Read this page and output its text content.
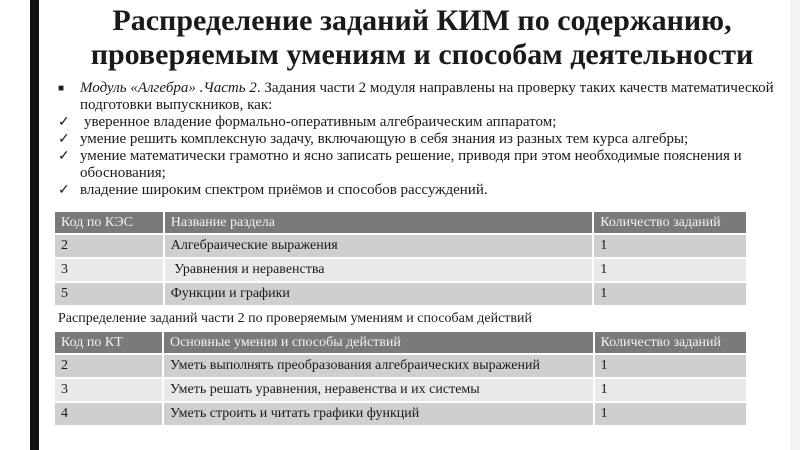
Распределение заданий КИМ по содержанию,
проверяемым умениям и способам деятельности
■	Модуль «Алгебра» .Часть 2. Задания части 2 модуля направлены на проверку таких качеств математической подготовки выпускников, как:
✓ уверенное владение формально-оперативным алгебраическим аппаратом;
✓ умение решить комплексную задачу, включающую в себя знания из разных тем курса алгебры;
✓ умение математически грамотно и ясно записать решение, приводя при этом необходимые пояснения и обоснования;
✓ владение широким спектром приёмов и способов рассуждений.
Код по КЭС	Название раздела	Количество заданий
2	Алгебраические выражения	1
3	Уравнения и неравенства	1
5	Функции и графики	1
Распределение заданий части 2 по проверяемым умениям и способам действий
Код по КТ	Основные умения и способы действий	Количество заданий
2	Уметь выполнять преобразования алгебраических выражений	1
3	Уметь решать уравнения, неравенства и их системы	1
4	Уметь строить и читать графики функций	1
